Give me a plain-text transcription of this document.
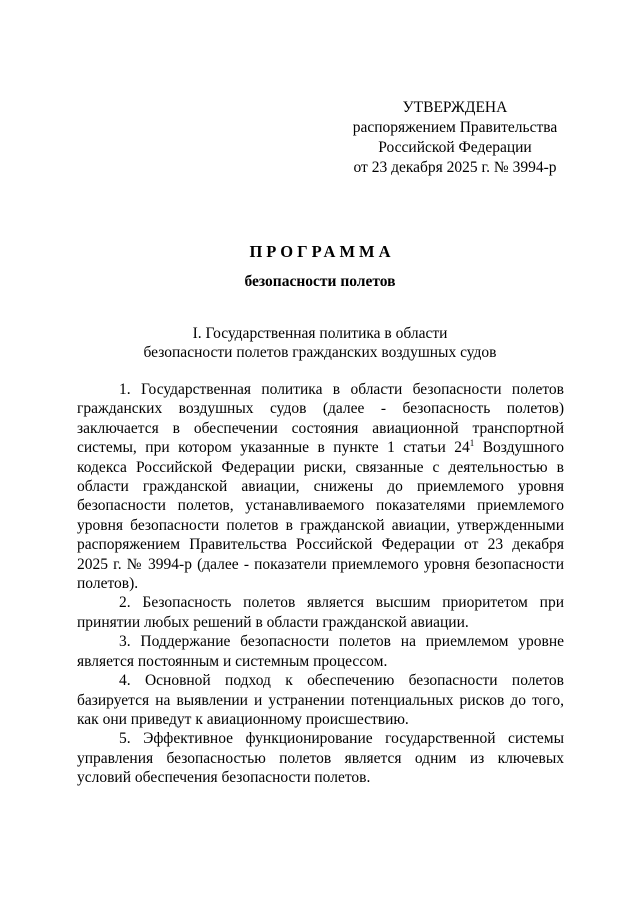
УТВЕРЖДЕНА
распоряжением Правительства
Российской Федерации
от 23 декабря 2025 г. № 3994-р
ПРОГРАММА
безопасности полетов
I. Государственная политика в области
безопасности полетов гражданских воздушных судов

1. Государственная политика в области безопасности полетов гражданских воздушных судов (далее - безопасность полетов) заключается в обеспечении состояния авиационной транспортной системы, при котором указанные в пункте 1 статьи $24^1$ Воздушного кодекса Российской Федерации риски, связанные с деятельностью в области гражданской авиации, снижены до приемлемого уровня безопасности полетов, устанавливаемого показателями приемлемого уровня безопасности полетов в гражданской авиации, утвержденными распоряжением Правительства Российской Федерации от 23 декабря 2025 г. № 3994-р (далее - показатели приемлемого уровня безопасности полетов).

2. Безопасность полетов является высшим приоритетом при принятии любых решений в области гражданской авиации.

3. Поддержание безопасности полетов на приемлемом уровне является постоянным и системным процессом.

4. Основной подход к обеспечению безопасности полетов базируется на выявлении и устранении потенциальных рисков до того, как они приведут к авиационному происшествию.

5. Эффективное функционирование государственной системы управления безопасностью полетов является одним из ключевых условий обеспечения безопасности полетов.
